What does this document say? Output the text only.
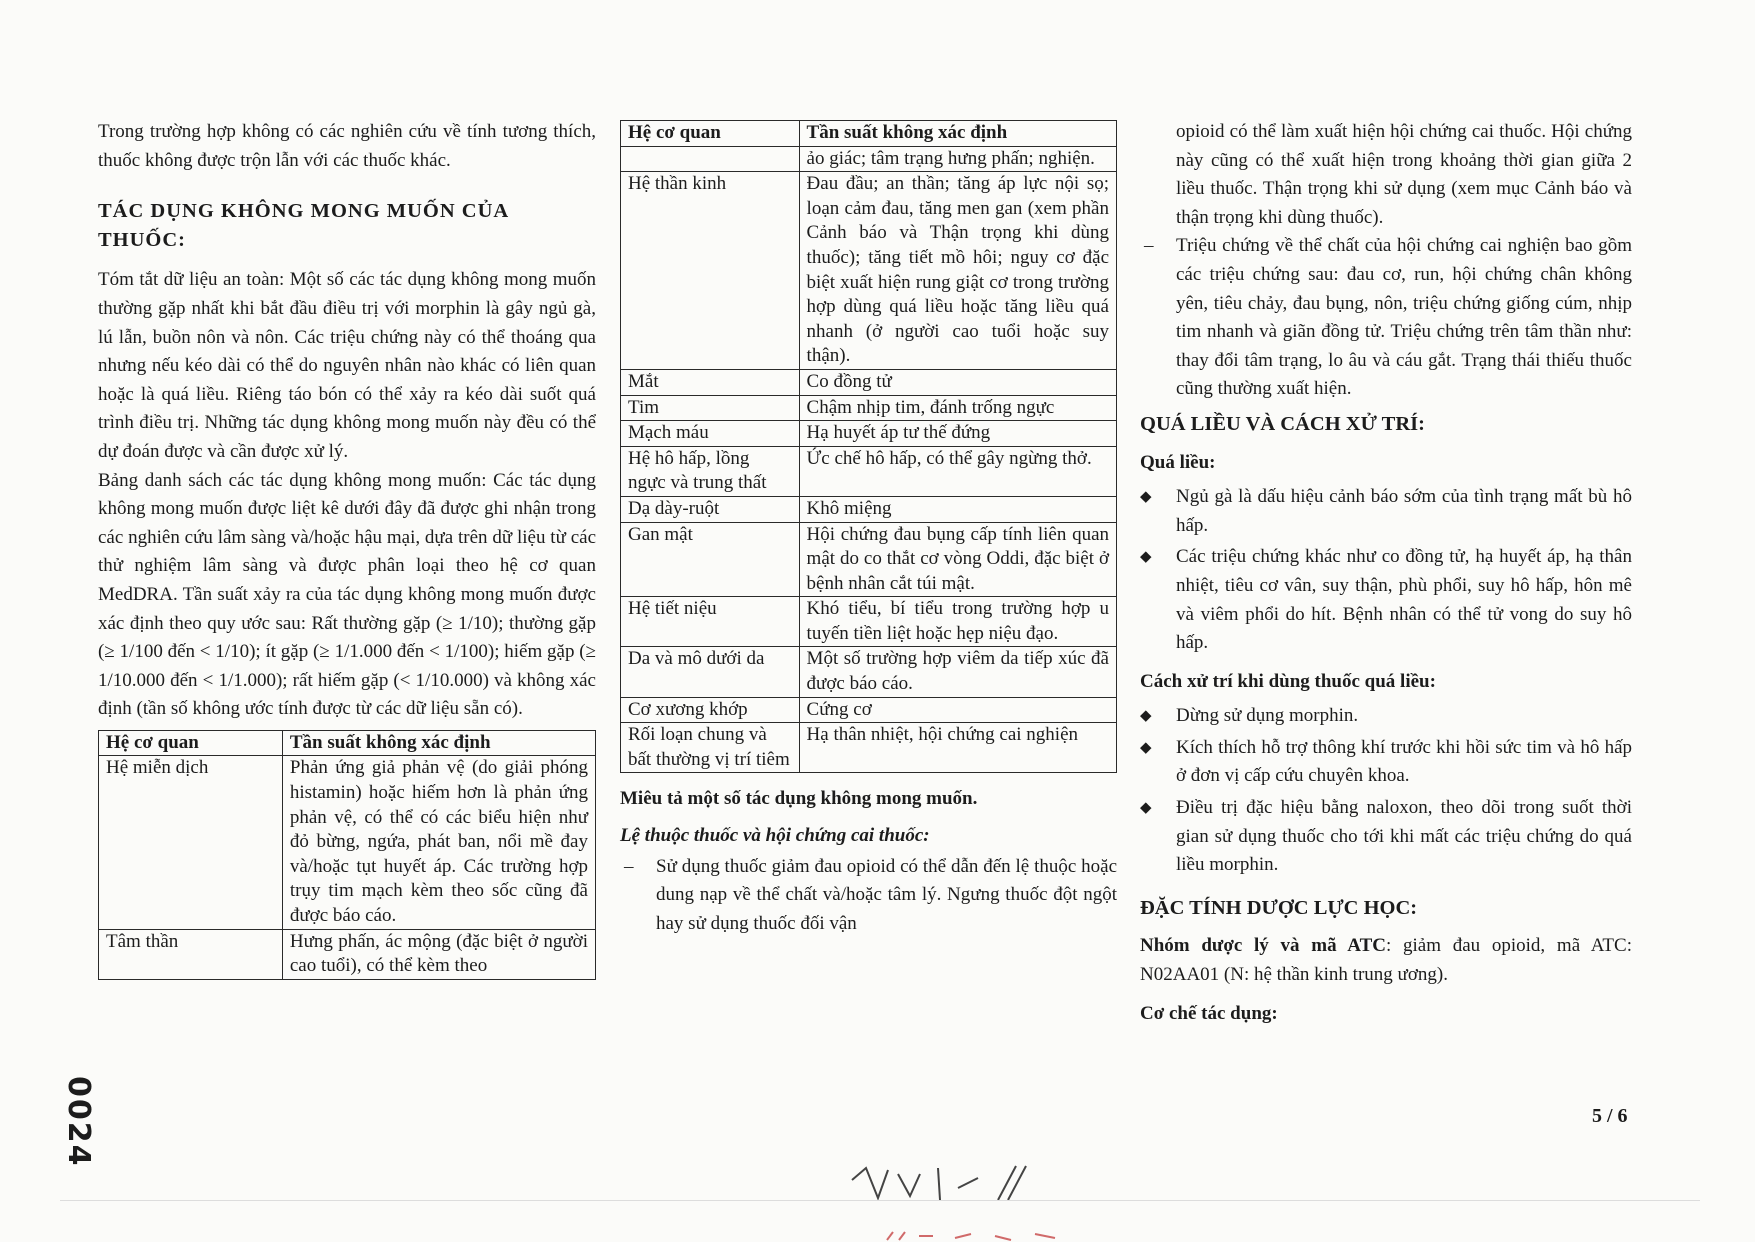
Trong trường hợp không có các nghiên cứu về tính tương thích, thuốc không được trộn lẫn với các thuốc khác.

TÁC DỤNG KHÔNG MONG MUỐN CỦA THUỐC:

Tóm tắt dữ liệu an toàn: Một số các tác dụng không mong muốn thường gặp nhất khi bắt đầu điều trị với morphin là gây ngủ gà, lú lẫn, buồn nôn và nôn. Các triệu chứng này có thể thoáng qua nhưng nếu kéo dài có thể do nguyên nhân nào khác có liên quan hoặc là quá liều. Riêng táo bón có thể xảy ra kéo dài suốt quá trình điều trị. Những tác dụng không mong muốn này đều có thể dự đoán được và cần được xử lý.

Bảng danh sách các tác dụng không mong muốn: Các tác dụng không mong muốn được liệt kê dưới đây đã được ghi nhận trong các nghiên cứu lâm sàng và/hoặc hậu mại, dựa trên dữ liệu từ các thử nghiệm lâm sàng và được phân loại theo hệ cơ quan MedDRA. Tần suất xảy ra của tác dụng không mong muốn được xác định theo quy ước sau: Rất thường gặp (≥ 1/10); thường gặp (≥ 1/100 đến < 1/10); ít gặp (≥ 1/1.000 đến < 1/100); hiếm gặp (≥ 1/10.000 đến < 1/1.000); rất hiếm gặp (< 1/10.000) và không xác định (tần số không ước tính được từ các dữ liệu sẵn có).

Hệ cơ quan	Tần suất không xác định
Hệ miễn dịch	Phản ứng giả phản vệ (do giải phóng histamin) hoặc hiếm hơn là phản ứng phản vệ, có thể có các biểu hiện như đỏ bừng, ngứa, phát ban, nổi mề đay và/hoặc tụt huyết áp. Các trường hợp trụy tim mạch kèm theo sốc cũng đã được báo cáo.
Tâm thần	Hưng phấn, ác mộng (đặc biệt ở người cao tuổi), có thể kèm theo
Hệ cơ quan	Tần suất không xác định
	ảo giác; tâm trạng hưng phấn; nghiện.
Hệ thần kinh	Đau đầu; an thần; tăng áp lực nội sọ; loạn cảm đau, tăng men gan (xem phần Cảnh báo và Thận trọng khi dùng thuốc); tăng tiết mồ hôi; nguy cơ đặc biệt xuất hiện rung giật cơ trong trường hợp dùng quá liều hoặc tăng liều quá nhanh (ở người cao tuổi hoặc suy thận).
Mắt	Co đồng tử
Tim	Chậm nhịp tim, đánh trống ngực
Mạch máu	Hạ huyết áp tư thế đứng
Hệ hô hấp, lồng ngực và trung thất	Ức chế hô hấp, có thể gây ngừng thở.
Dạ dày-ruột	Khô miệng
Gan mật	Hội chứng đau bụng cấp tính liên quan mật do co thắt cơ vòng Oddi, đặc biệt ở bệnh nhân cắt túi mật.
Hệ tiết niệu	Khó tiểu, bí tiểu trong trường hợp u tuyến tiền liệt hoặc hẹp niệu đạo.
Da và mô dưới da	Một số trường hợp viêm da tiếp xúc đã được báo cáo.
Cơ xương khớp	Cứng cơ
Rối loạn chung và bất thường vị trí tiêm	Hạ thân nhiệt, hội chứng cai nghiện

Miêu tả một số tác dụng không mong muốn.

Lệ thuộc thuốc và hội chứng cai thuốc:

– Sử dụng thuốc giảm đau opioid có thể dẫn đến lệ thuộc hoặc dung nạp về thể chất và/hoặc tâm lý. Ngưng thuốc đột ngột hay sử dụng thuốc đối vận

opioid có thể làm xuất hiện hội chứng cai thuốc. Hội chứng này cũng có thể xuất hiện trong khoảng thời gian giữa 2 liều thuốc. Thận trọng khi sử dụng (xem mục Cảnh báo và thận trọng khi dùng thuốc).

– Triệu chứng về thể chất của hội chứng cai nghiện bao gồm các triệu chứng sau: đau cơ, run, hội chứng chân không yên, tiêu chảy, đau bụng, nôn, triệu chứng giống cúm, nhịp tim nhanh và giãn đồng tử. Triệu chứng trên tâm thần như: thay đổi tâm trạng, lo âu và cáu gắt. Trạng thái thiếu thuốc cũng thường xuất hiện.

QUÁ LIỀU VÀ CÁCH XỬ TRÍ:
Quá liều:

◆ Ngủ gà là dấu hiệu cảnh báo sớm của tình trạng mất bù hô hấp.

◆ Các triệu chứng khác như co đồng tử, hạ huyết áp, hạ thân nhiệt, tiêu cơ vân, suy thận, phù phổi, suy hô hấp, hôn mê và viêm phổi do hít. Bệnh nhân có thể tử vong do suy hô hấp.

Cách xử trí khi dùng thuốc quá liều:

◆ Dừng sử dụng morphin.

◆ Kích thích hỗ trợ thông khí trước khi hồi sức tim và hô hấp ở đơn vị cấp cứu chuyên khoa.

◆ Điều trị đặc hiệu bằng naloxon, theo dõi trong suốt thời gian sử dụng thuốc cho tới khi mất các triệu chứng do quá liều morphin.

ĐẶC TÍNH DƯỢC LỰC HỌC:

Nhóm dược lý và mã ATC: giảm đau opioid, mã ATC: N02AA01 (N: hệ thần kinh trung ương).

Cơ chế tác dụng:
5 / 6
0024
